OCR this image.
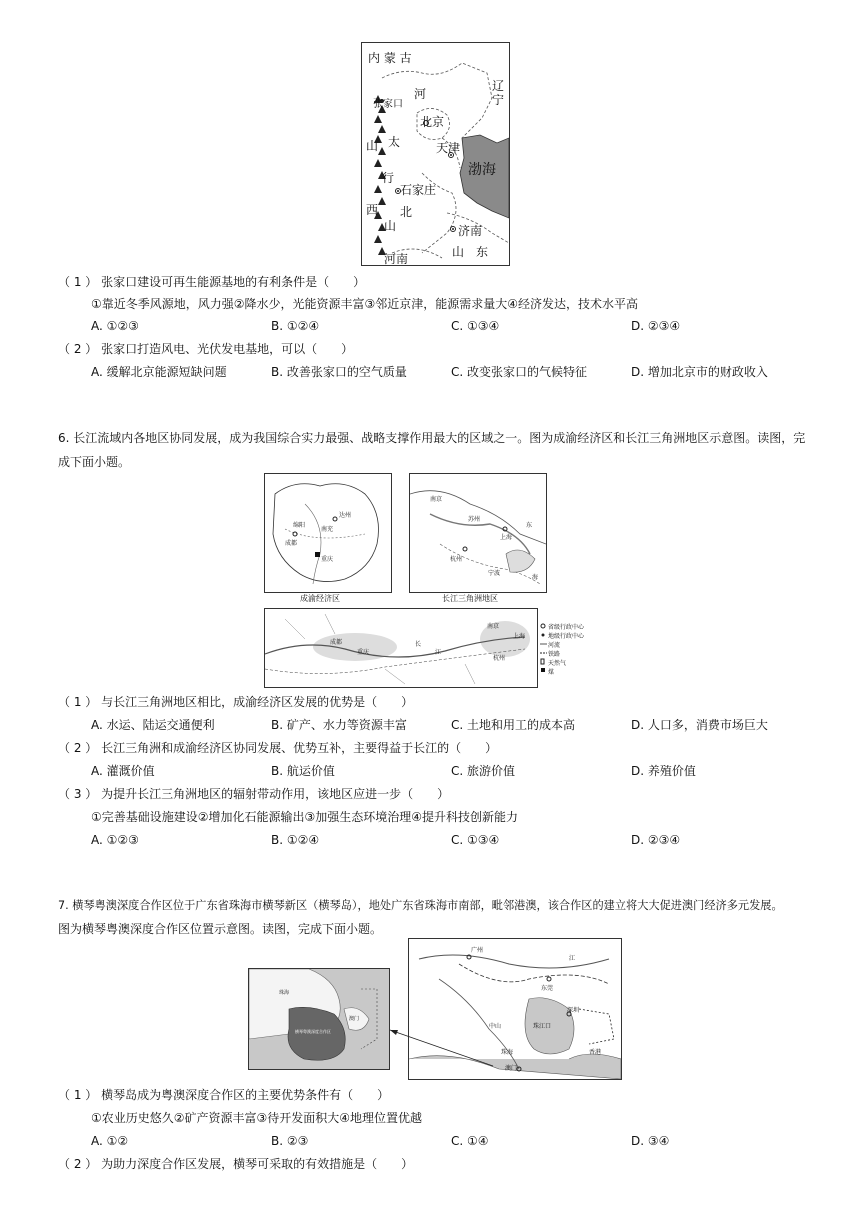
内 蒙 古
辽
宁
张家口
河
北京
太	天津
山
渤海
行
石家庄
西 北
山	济南
河南	山　东
（ 1 ） 张家口建设可再生能源基地的有利条件是（　　）
①靠近冬季风源地，风力强②降水少，光能资源丰富③邻近京津，能源需求量大④经济发达，技术水平高
A. ①②③	B. ①②④	C. ①③④	D. ②③④
（ 2 ） 张家口打造风电、光伏发电基地，可以（　　）
A. 缓解北京能源短缺问题	B. 改善张家口的空气质量	C. 改变张家口的气候特征	D. 增加北京市的财政收入
6. 长江流域内各地区协同发展，成为我国综合实力最强、战略支撑作用最大的区域之一。图为成渝经济区和长江三角洲地区示意图。读图，完成下面小题。
成都
重庆
达州
南充
绵阳
南京
苏州
上海
杭州
宁波
东
海
成渝经济区	长江三角洲地区
成都
重庆
长
江
南京
上海
杭州
省级行政中心
地级行政中心
河流
铁路
天然气
煤
（ 1 ） 与长江三角洲地区相比，成渝经济区发展的优势是（　　）
A. 水运、陆运交通便利	B. 矿产、水力等资源丰富	C. 土地和用工的成本高	D. 人口多，消费市场巨大
（ 2 ） 长江三角洲和成渝经济区协同发展、优势互补，主要得益于长江的（　　）
A. 灌溉价值	B. 航运价值	C. 旅游价值	D. 养殖价值
（ 3 ） 为提升长江三角洲地区的辐射带动作用，该地区应进一步（　　）
①完善基础设施建设②增加化石能源输出③加强生态环境治理④提升科技创新能力
A. ①②③	B. ①②④	C. ①③④	D. ②③④
7. 横琴粤澳深度合作区位于广东省珠海市横琴新区（横琴岛），地处广东省珠海市南部，毗邻港澳，该合作区的建立将大大促进澳门经济多元发展。
图为横琴粤澳深度合作区位置示意图。读图，完成下面小题。
珠海
横琴粤澳深度合作区
澳门
广州
东莞
江
中山	珠江口
深圳
珠海
澳门
香港
（ 1 ） 横琴岛成为粤澳深度合作区的主要优势条件有（　　）
①农业历史悠久②矿产资源丰富③待开发面积大④地理位置优越
A. ①②	B. ②③	C. ①④	D. ③④
（ 2 ） 为助力深度合作区发展，横琴可采取的有效措施是（　　）
